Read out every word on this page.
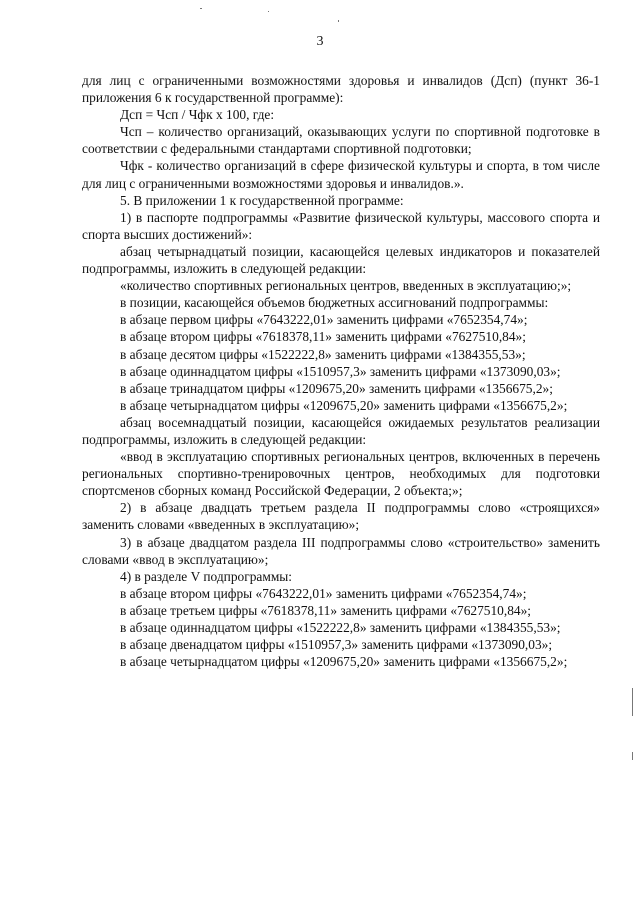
3

для лиц с ограниченными возможностями здоровья и инвалидов (Дсп) (пункт 36-1 приложения 6 к государственной программе):

Дсп = Чсп / Чфк х 100, где:

Чсп – количество организаций, оказывающих услуги по спортивной подготовке в соответствии с федеральными стандартами спортивной подготовки;

Чфк - количество организаций в сфере физической культуры и спорта, в том числе для лиц с ограниченными возможностями здоровья и инвалидов.».

5. В приложении 1 к государственной программе:

1) в паспорте подпрограммы «Развитие физической культуры, массового спорта и спорта высших достижений»:

абзац четырнадцатый позиции, касающейся целевых индикаторов и показателей подпрограммы, изложить в следующей редакции:

«количество спортивных региональных центров, введенных в эксплуатацию;»;

в позиции, касающейся объемов бюджетных ассигнований подпрограммы:

в абзаце первом цифры «7643222,01» заменить цифрами «7652354,74»;

в абзаце втором цифры «7618378,11» заменить цифрами «7627510,84»;

в абзаце десятом цифры «1522222,8» заменить цифрами «1384355,53»;

в абзаце одиннадцатом цифры «1510957,3» заменить цифрами «1373090,03»;

в абзаце тринадцатом цифры «1209675,20» заменить цифрами «1356675,2»;

в абзаце четырнадцатом цифры «1209675,20» заменить цифрами «1356675,2»;

абзац восемнадцатый позиции, касающейся ожидаемых результатов реализации подпрограммы, изложить в следующей редакции:

«ввод в эксплуатацию спортивных региональных центров, включенных в перечень региональных спортивно-тренировочных центров, необходимых для подготовки спортсменов сборных команд Российской Федерации, 2 объекта;»;

2) в абзаце двадцать третьем раздела II подпрограммы слово «строящихся» заменить словами «введенных в эксплуатацию»;

3) в абзаце двадцатом раздела III подпрограммы слово «строительство» заменить словами «ввод в эксплуатацию»;

4) в разделе V подпрограммы:

в абзаце втором цифры «7643222,01» заменить цифрами «7652354,74»;

в абзаце третьем цифры «7618378,11» заменить цифрами «7627510,84»;

в абзаце одиннадцатом цифры «1522222,8» заменить цифрами «1384355,53»;

в абзаце двенадцатом цифры «1510957,3» заменить цифрами «1373090,03»;

в абзаце четырнадцатом цифры «1209675,20» заменить цифрами «1356675,2»;
